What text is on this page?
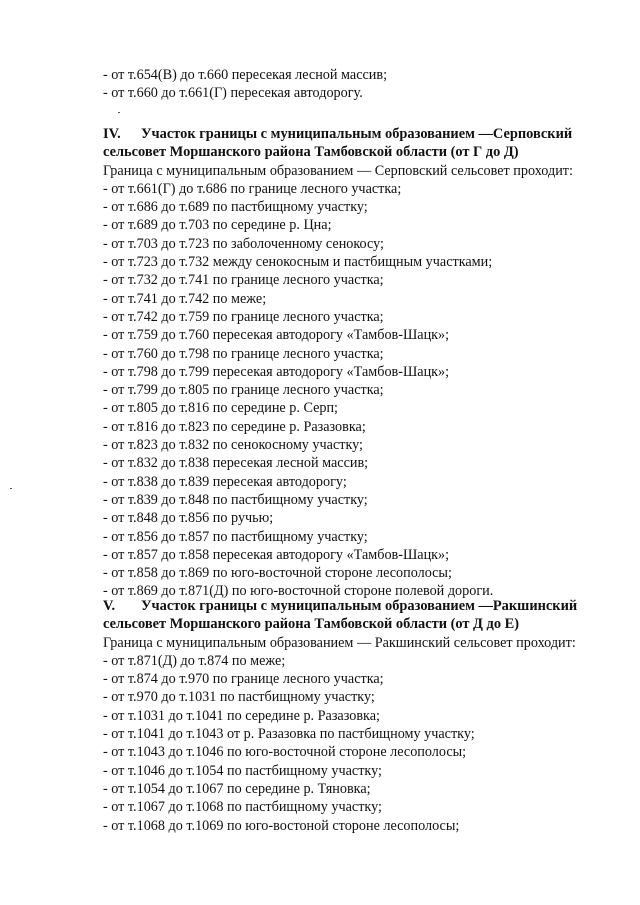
- от т.654(В) до т.660 пересекая лесной массив;
- от т.660 до т.661(Г) пересекая автодорогу.
IV. Участок границы с муниципальным образованием —Серповский
сельсовет Моршанского района Тамбовской области (от Г до Д)
Граница с муниципальным образованием — Серповский сельсовет проходит:
- от т.661(Г) до т.686 по границе лесного участка;
- от т.686 до т.689 по пастбищному участку;
- от т.689 до т.703 по середине р. Цна;
- от т.703 до т.723 по заболоченному сенокосу;
- от т.723 до т.732 между сенокосным и пастбищным участками;
- от т.732 до т.741 по границе лесного участка;
- от т.741 до т.742 по меже;
- от т.742 до т.759 по границе лесного участка;
- от т.759 до т.760 пересекая автодорогу «Тамбов-Шацк»;
- от т.760 до т.798 по границе лесного участка;
- от т.798 до т.799 пересекая автодорогу «Тамбов-Шацк»;
- от т.799 до т.805 по границе лесного участка;
- от т.805 до т.816 по середине р. Серп;
- от т.816 до т.823 по середине р. Разазовка;
- от т.823 до т.832 по сенокосному участку;
- от т.832 до т.838 пересекая лесной массив;
- от т.838 до т.839 пересекая автодорогу;
- от т.839 до т.848 по пастбищному участку;
- от т.848 до т.856 по ручью;
- от т.856 до т.857 по пастбищному участку;
- от т.857 до т.858 пересекая автодорогу «Тамбов-Шацк»;
- от т.858 до т.869 по юго-восточной стороне лесополосы;
- от т.869 до т.871(Д) по юго-восточной стороне полевой дороги.
V. Участок границы с муниципальным образованием —Ракшинский
сельсовет Моршанского района Тамбовской области (от Д до Е)
Граница с муниципальным образованием — Ракшинский сельсовет проходит:
- от т.871(Д) до т.874 по меже;
- от т.874 до т.970 по границе лесного участка;
- от т.970 до т.1031 по пастбищному участку;
- от т.1031 до т.1041 по середине р. Разазовка;
- от т.1041 до т.1043 от р. Разазовка по пастбищному участку;
- от т.1043 до т.1046 по юго-восточной стороне лесополосы;
- от т.1046 до т.1054 по пастбищному участку;
- от т.1054 до т.1067 по середине р. Тяновка;
- от т.1067 до т.1068 по пастбищному участку;
- от т.1068 до т.1069 по юго-востоной стороне лесополосы;
